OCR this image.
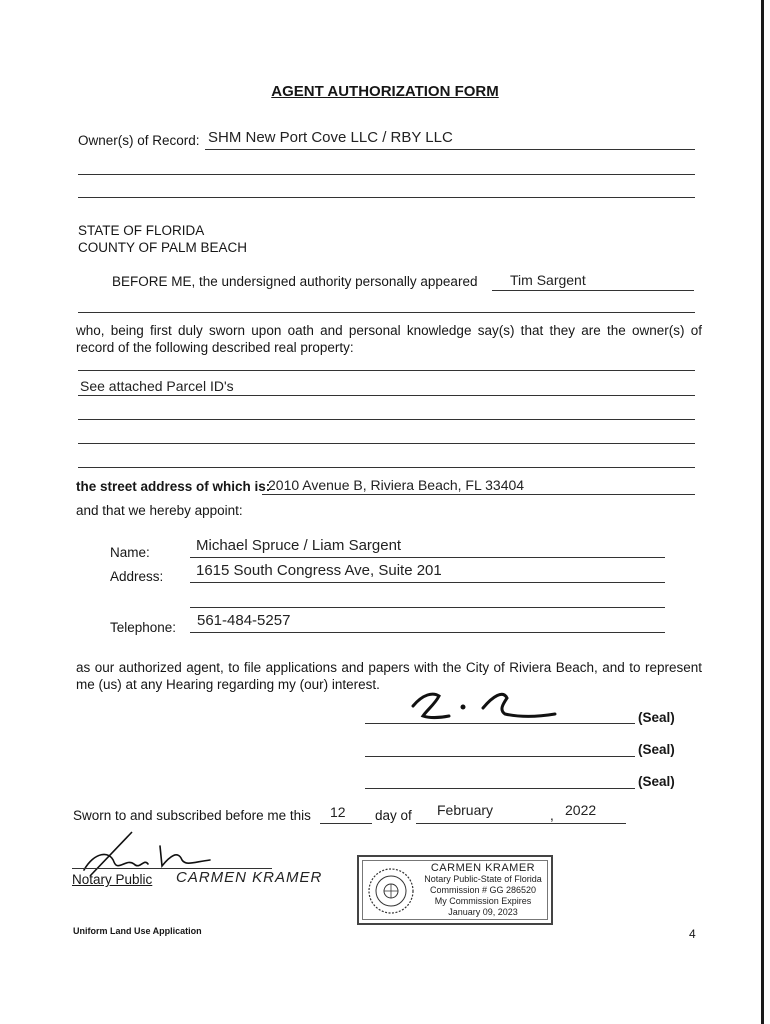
AGENT AUTHORIZATION FORM
Owner(s) of Record: SHM New Port Cove LLC / RBY LLC
STATE OF FLORIDA
COUNTY OF PALM BEACH
BEFORE ME, the undersigned authority personally appeared Tim Sargent
who, being first duly sworn upon oath and personal knowledge say(s) that they are the owner(s) of record of the following described real property:
See attached Parcel ID's
the street address of which is:
2010 Avenue B, Riviera Beach, FL 33404
and that we hereby appoint:
Name:	Michael Spruce / Liam Sargent
Address: 1615 South Congress Ave, Suite 201
Telephone: 561-484-5257
as our authorized agent, to file applications and papers with the City of Riviera Beach, and to represent me (us) at any Hearing regarding my (our) interest.
(Seal)
(Seal)
(Seal)
Sworn to and subscribed before me this 12 day of February	, 2022
Notary Public CARMEN KRAMER
CARMEN KRAMER
Notary Public-State of Florida
Commission # GG 286520
My Commission Expires
January 09, 2023
Uniform Land Use Application	4
